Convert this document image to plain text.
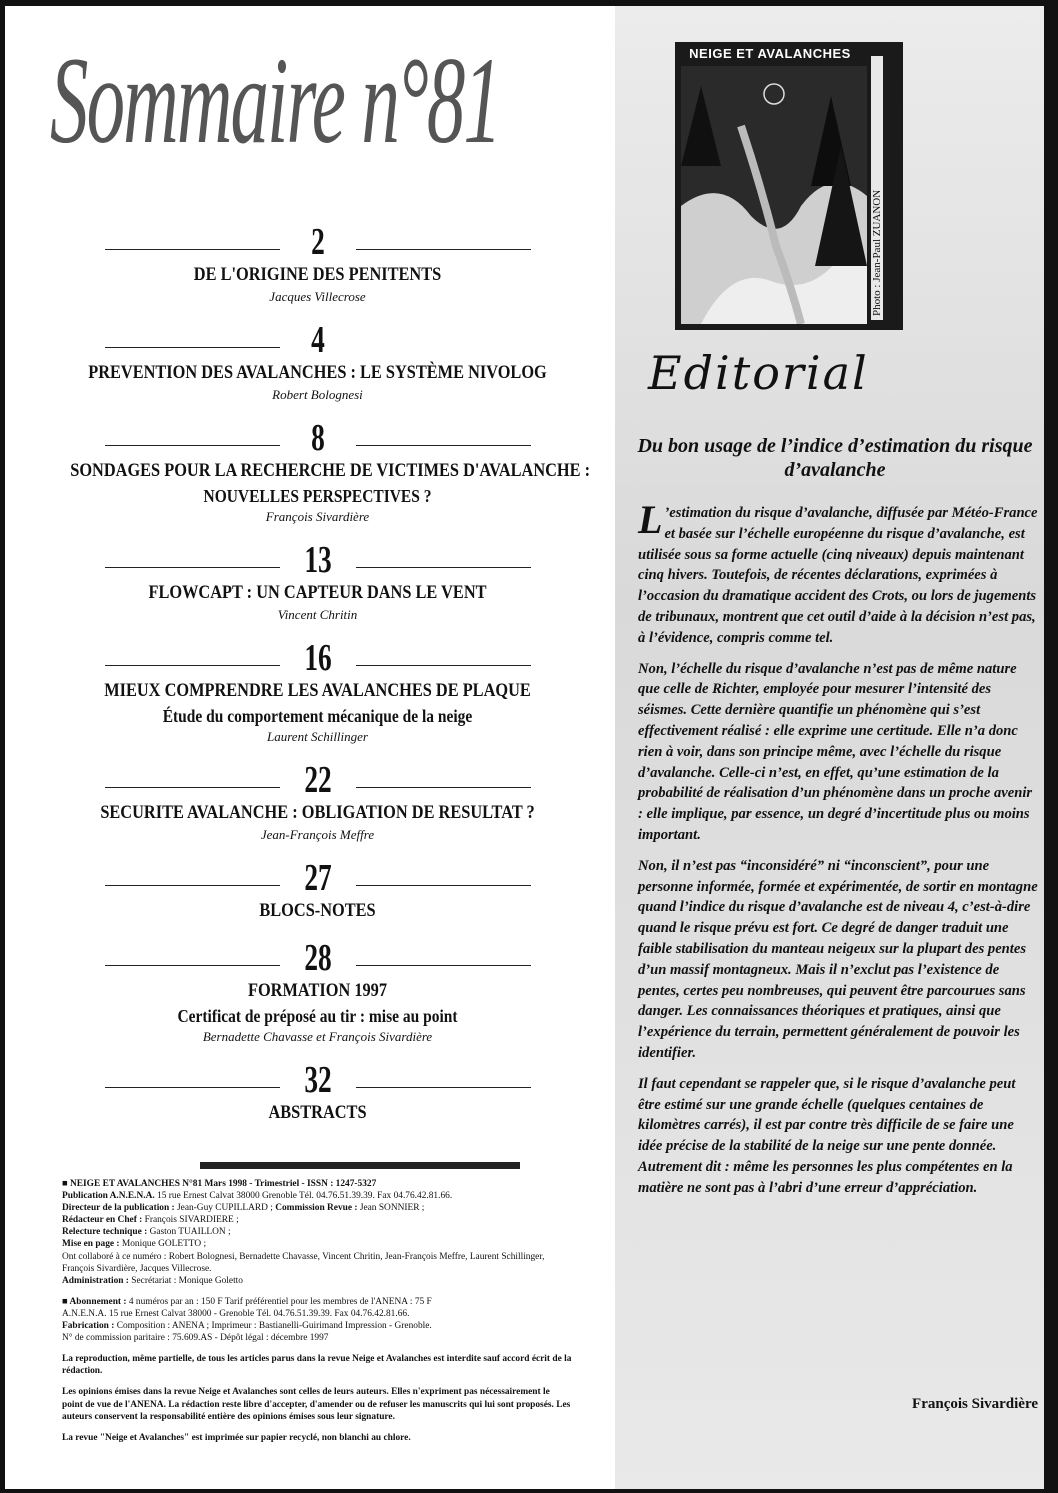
Sommaire n°81
2
DE L'ORIGINE DES PENITENTS
Jacques Villecrose
4
PREVENTION DES AVALANCHES : LE SYSTÈME NIVOLOG
Robert Bolognesi
8
SONDAGES POUR LA RECHERCHE DE VICTIMES D'AVALANCHE :
NOUVELLES PERSPECTIVES ?
François Sivardière
13
FLOWCAPT : UN CAPTEUR DANS LE VENT
Vincent Chritin
16
MIEUX COMPRENDRE LES AVALANCHES DE PLAQUE
Étude du comportement mécanique de la neige
Laurent Schillinger
22
SECURITE AVALANCHE : OBLIGATION DE RESULTAT ?
Jean-François Meffre
27
BLOCS-NOTES
28
FORMATION 1997
Certificat de préposé au tir : mise au point
Bernadette Chavasse et François Sivardière
32
ABSTRACTS

■ NEIGE ET AVALANCHES N°81 Mars 1998 - Trimestriel - ISSN : 1247-5327
Publication A.N.E.N.A. 15 rue Ernest Calvat 38000 Grenoble Tél. 04.76.51.39.39. Fax 04.76.42.81.66.
Directeur de la publication : Jean-Guy CUPILLARD ; Commission Revue : Jean SONNIER ;
Rédacteur en Chef : François SIVARDIERE ;
Relecture technique : Gaston TUAILLON ;
Mise en page : Monique GOLETTO ;
Ont collaboré à ce numéro : Robert Bolognesi, Bernadette Chavasse, Vincent Chritin, Jean-François Meffre, Laurent Schillinger, François Sivardière, Jacques Villecrose.
Administration : Secrétariat : Monique Goletto

■ Abonnement : 4 numéros par an : 150 F Tarif préférentiel pour les membres de l'ANENA : 75 F
A.N.E.N.A. 15 rue Ernest Calvat 38000 - Grenoble Tél. 04.76.51.39.39. Fax 04.76.42.81.66.
Fabrication : Composition : ANENA ; Imprimeur : Bastianelli-Guirimand Impression - Grenoble.
N° de commission paritaire : 75.609.AS - Dépôt légal : décembre 1997

La reproduction, même partielle, de tous les articles parus dans la revue Neige et Avalanches est interdite sauf accord écrit de la rédaction.

Les opinions émises dans la revue Neige et Avalanches sont celles de leurs auteurs. Elles n'expriment pas nécessairement le point de vue de l'ANENA. La rédaction reste libre d'accepter, d'amender ou de refuser les manuscrits qui lui sont proposés. Les auteurs conservent la responsabilité entière des opinions émises sous leur signature.

La revue "Neige et Avalanches" est imprimée sur papier recyclé, non blanchi au chlore.

NEIGE ET AVALANCHES
Photo : Jean-Paul ZUANON
Editorial
Du bon usage de l’indice d’estimation du risque d’avalanche

L ’estimation du risque d’avalanche, diffusée par Météo-France et basée sur l’échelle européenne du risque d’avalanche, est utilisée sous sa forme actuelle (cinq niveaux) depuis maintenant cinq hivers. Toutefois, de récentes déclarations, exprimées à l’occasion du dramatique accident des Crots, ou lors de jugements de tribunaux, montrent que cet outil d’aide à la décision n’est pas, à l’évidence, compris comme tel.

Non, l’échelle du risque d’avalanche n’est pas de même nature que celle de Richter, employée pour mesurer l’intensité des séismes. Cette dernière quantifie un phénomène qui s’est effectivement réalisé : elle exprime une certitude. Elle n’a donc rien à voir, dans son principe même, avec l’échelle du risque d’avalanche. Celle-ci n’est, en effet, qu’une estimation de la probabilité de réalisation d’un phénomène dans un proche avenir : elle implique, par essence, un degré d’incertitude plus ou moins important.

Non, il n’est pas “inconsidéré” ni “inconscient”, pour une personne informée, formée et expérimentée, de sortir en montagne quand l’indice du risque d’avalanche est de niveau 4, c’est-à-dire quand le risque prévu est fort. Ce degré de danger traduit une faible stabilisation du manteau neigeux sur la plupart des pentes d’un massif montagneux. Mais il n’exclut pas l’existence de pentes, certes peu nombreuses, qui peuvent être parcourues sans danger. Les connaissances théoriques et pratiques, ainsi que l’expérience du terrain, permettent généralement de pouvoir les identifier.

Il faut cependant se rappeler que, si le risque d’avalanche peut être estimé sur une grande échelle (quelques centaines de kilomètres carrés), il est par contre très difficile de se faire une idée précise de la stabilité de la neige sur une pente donnée. Autrement dit : même les personnes les plus compétentes en la matière ne sont pas à l’abri d’une erreur d’appréciation.

François Sivardière
